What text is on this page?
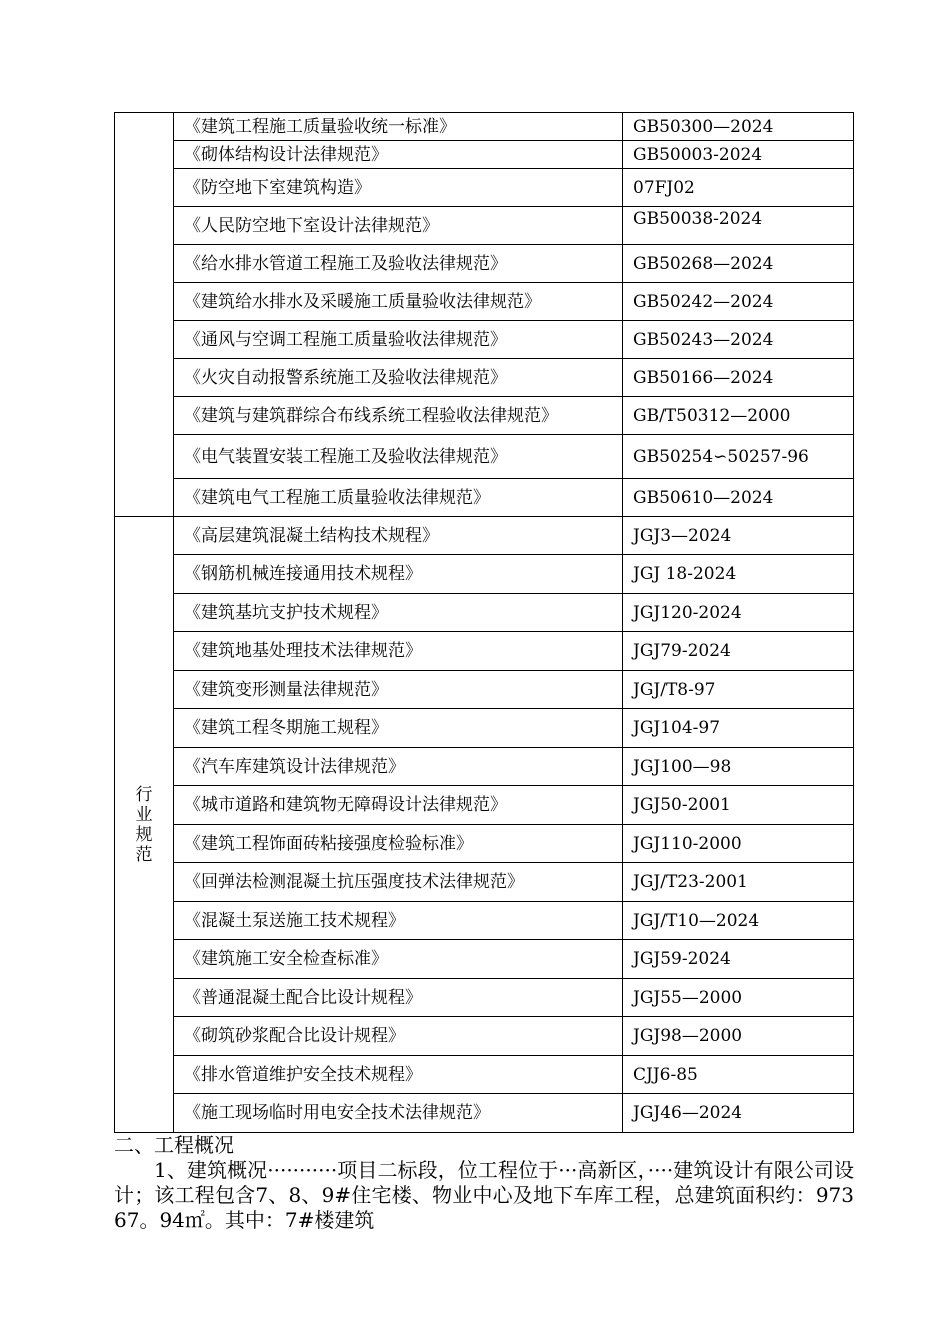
	《建筑工程施工质量验收统一标准》	GB50300—2024
	《砌体结构设计法律规范》	GB50003-2024
	《防空地下室建筑构造》	07FJ02
	《人民防空地下室设计法律规范》	GB50038-2024
	《给水排水管道工程施工及验收法律规范》	GB50268—2024
	《建筑给水排水及采暖施工质量验收法律规范》	GB50242—2024
	《通风与空调工程施工质量验收法律规范》	GB50243—2024
	《火灾自动报警系统施工及验收法律规范》	GB50166—2024
	《建筑与建筑群综合布线系统工程验收法律规范》	GB/T50312—2000
	《电气装置安装工程施工及验收法律规范》	GB50254∽50257-96
	《建筑电气工程施工质量验收法律规范》	GB50610—2024
行业规范	《高层建筑混凝土结构技术规程》	JGJ3—2024
	《钢筋机械连接通用技术规程》	JGJ 18-2024
	《建筑基坑支护技术规程》	JGJ120-2024
	《建筑地基处理技术法律规范》	JGJ79-2024
	《建筑变形测量法律规范》	JGJ/T8-97
	《建筑工程冬期施工规程》	JGJ104-97
	《汽车库建筑设计法律规范》	JGJ100—98
	《城市道路和建筑物无障碍设计法律规范》	JGJ50-2001
	《建筑工程饰面砖粘接强度检验标准》	JGJ110-2000
	《回弹法检测混凝土抗压强度技术法律规范》	JGJ/T23-2001
	《混凝土泵送施工技术规程》	JGJ/T10—2024
	《建筑施工安全检查标准》	JGJ59-2024
	《普通混凝土配合比设计规程》	JGJ55—2000
	《砌筑砂浆配合比设计规程》	JGJ98—2000
	《排水管道维护安全技术规程》	CJJ6-85
	《施工现场临时用电安全技术法律规范》	JGJ46—2024

二、工程概况

1、建筑概况···········项目二标段，位工程位于···高新区，····建筑设计有限公司设计；该工程包含7、8、9#住宅楼、物业中心及地下车库工程，总建筑面积约：97367。94㎡。其中：7#楼建筑
